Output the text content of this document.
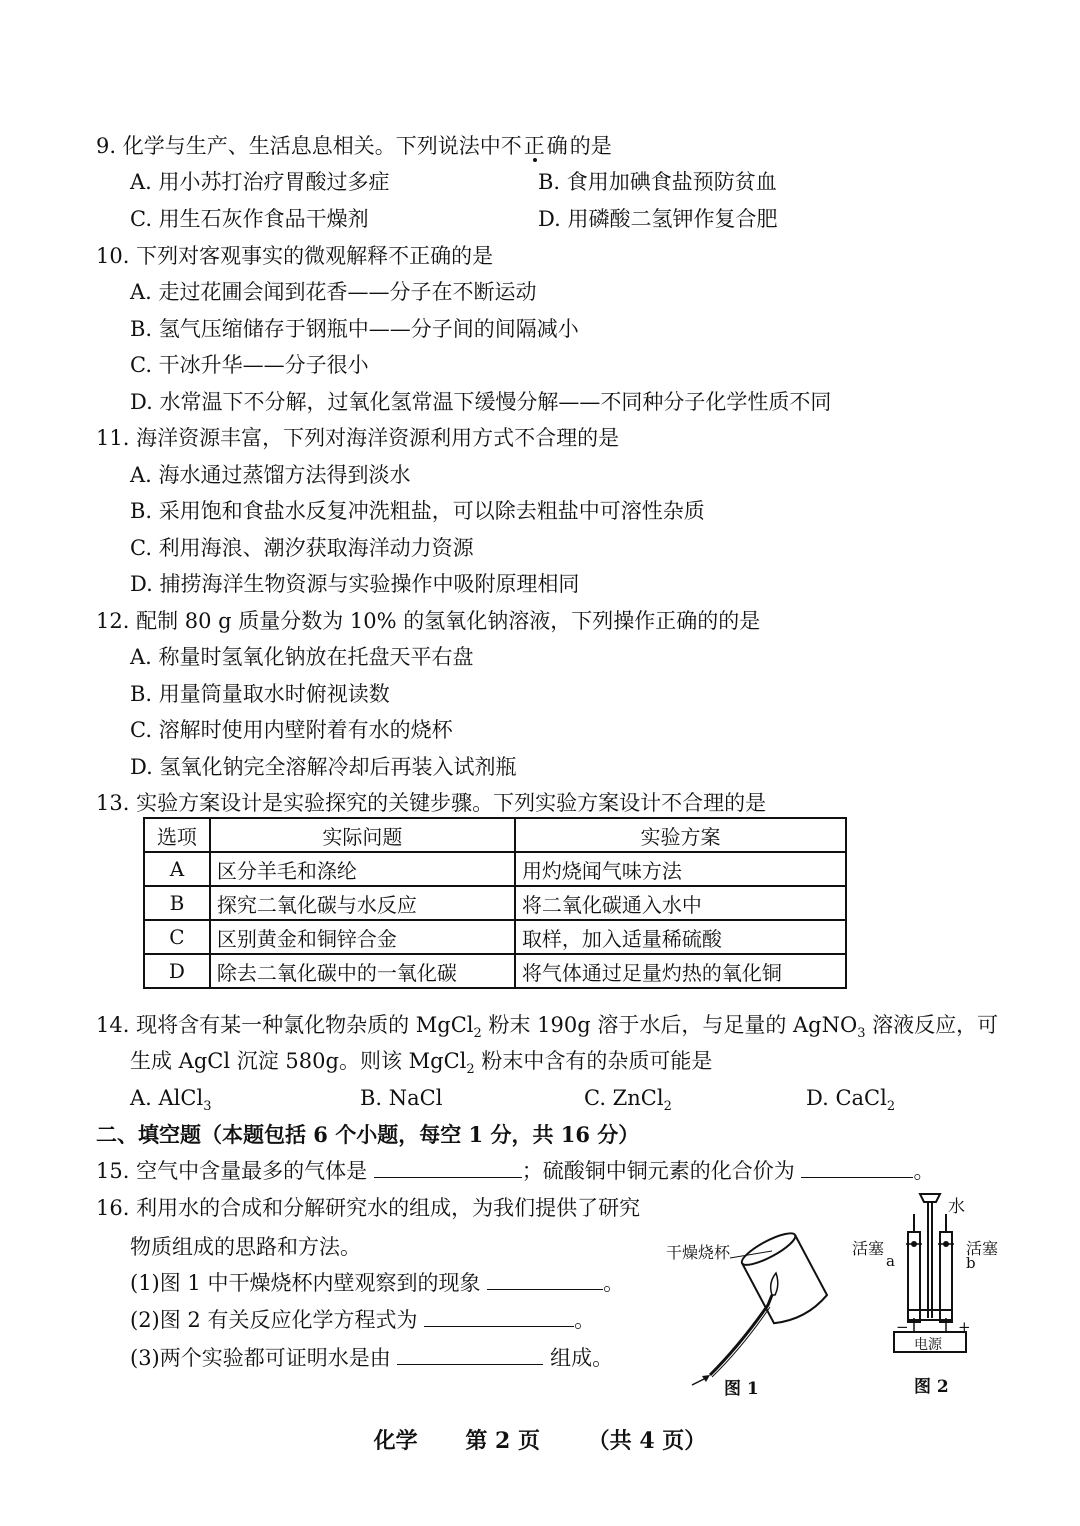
9. 化学与生产、生活息息相关。下列说法中不正确的是
A. 用小苏打治疗胃酸过多症	B. 食用加碘食盐预防贫血
C. 用生石灰作食品干燥剂	D. 用磷酸二氢钾作复合肥
10. 下列对客观事实的微观解释不正确的是
A. 走过花圃会闻到花香——分子在不断运动
B. 氢气压缩储存于钢瓶中——分子间的间隔减小
C. 干冰升华——分子很小
D. 水常温下不分解，过氧化氢常温下缓慢分解——不同种分子化学性质不同
11. 海洋资源丰富，下列对海洋资源利用方式不合理的是
A. 海水通过蒸馏方法得到淡水
B. 采用饱和食盐水反复冲洗粗盐，可以除去粗盐中可溶性杂质
C. 利用海浪、潮汐获取海洋动力资源
D. 捕捞海洋生物资源与实验操作中吸附原理相同
12. 配制 80 g 质量分数为 10% 的氢氧化钠溶液，下列操作正确的的是
A. 称量时氢氧化钠放在托盘天平右盘
B. 用量筒量取水时俯视读数
C. 溶解时使用内壁附着有水的烧杯
D. 氢氧化钠完全溶解冷却后再装入试剂瓶
13. 实验方案设计是实验探究的关键步骤。下列实验方案设计不合理的是
选项	实际问题	实验方案
A	区分羊毛和涤纶	用灼烧闻气味方法
B	探究二氧化碳与水反应	将二氧化碳通入水中
C	区别黄金和铜锌合金	取样，加入适量稀硫酸
D	除去二氧化碳中的一氧化碳	将气体通过足量灼热的氧化铜
14. 现将含有某一种氯化物杂质的 MgCl$_2$ 粉末 190g 溶于水后，与足量的 AgNO$_3$ 溶液反应，可
生成 AgCl 沉淀 580g。则该 MgCl$_2$ 粉末中含有的杂质可能是
A. AlCl$_3$	B. NaCl	C. ZnCl$_2$	D. CaCl$_2$
二、填空题（本题包括 6 个小题，每空 1 分，共 16 分）
15. 空气中含量最多的气体是	；硫酸铜中铜元素的化合价为	。
16. 利用水的合成和分解研究水的组成，为我们提供了研究
物质组成的思路和方法。
(1)图 1 中干燥烧杯内壁观察到的现象	。
(2)图 2 有关反应化学方程式为	。
(3)两个实验都可证明水是由	组成。
干燥烧杯
图 1
水
活塞	活塞
a	b
−	+
电源
图 2
化学 第 2 页 （共 4 页）
